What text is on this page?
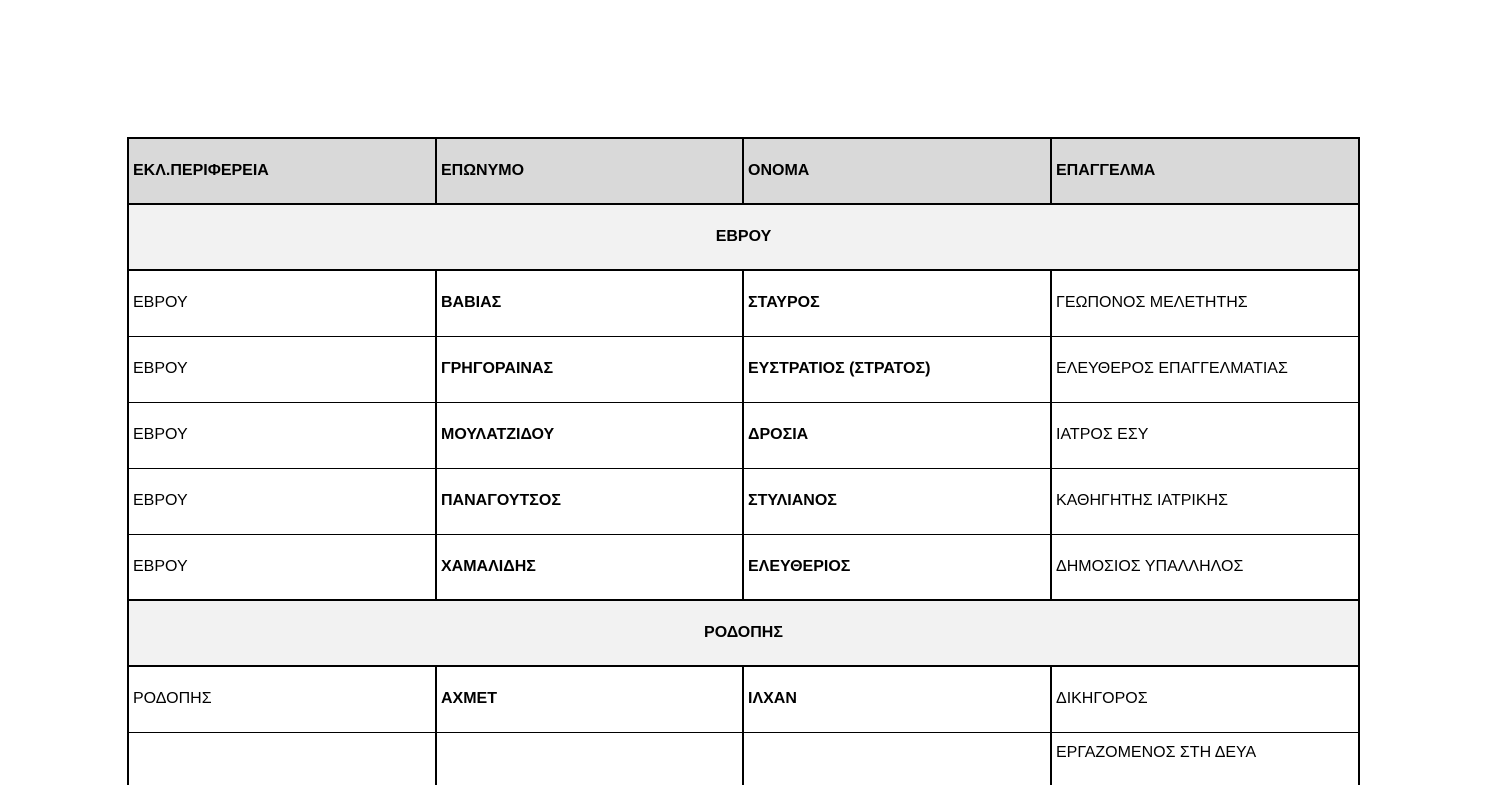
ΕΚΛ.ΠΕΡΙΦΕΡΕΙΑ	ΕΠΩΝΥΜΟ	ΟΝΟΜΑ	ΕΠΑΓΓΕΛΜΑ
ΕΒΡΟΥ			
ΕΒΡΟΥ	ΒΑΒΙΑΣ	ΣΤΑΥΡΟΣ	ΓΕΩΠΟΝΟΣ ΜΕΛΕΤΗΤΗΣ
ΕΒΡΟΥ	ΓΡΗΓΟΡΑΙΝΑΣ	ΕΥΣΤΡΑΤΙΟΣ (ΣΤΡΑΤΟΣ)	ΕΛΕΥΘΕΡΟΣ ΕΠΑΓΓΕΛΜΑΤΙΑΣ
ΕΒΡΟΥ	ΜΟΥΛΑΤΖΙΔΟΥ	ΔΡΟΣΙΑ	ΙΑΤΡΟΣ ΕΣΥ
ΕΒΡΟΥ	ΠΑΝΑΓΟΥΤΣΟΣ	ΣΤΥΛΙΑΝΟΣ	ΚΑΘΗΓΗΤΗΣ ΙΑΤΡΙΚΗΣ
ΕΒΡΟΥ	ΧΑΜΑΛΙΔΗΣ	ΕΛΕΥΘΕΡΙΟΣ	ΔΗΜΟΣΙΟΣ ΥΠΑΛΛΗΛΟΣ
ΡΟΔΟΠΗΣ			
ΡΟΔΟΠΗΣ	ΑΧΜΕΤ	ΙΛΧΑΝ	ΔΙΚΗΓΟΡΟΣ
			ΕΡΓΑΖΟΜΕΝΟΣ ΣΤΗ ΔΕΥΑ
